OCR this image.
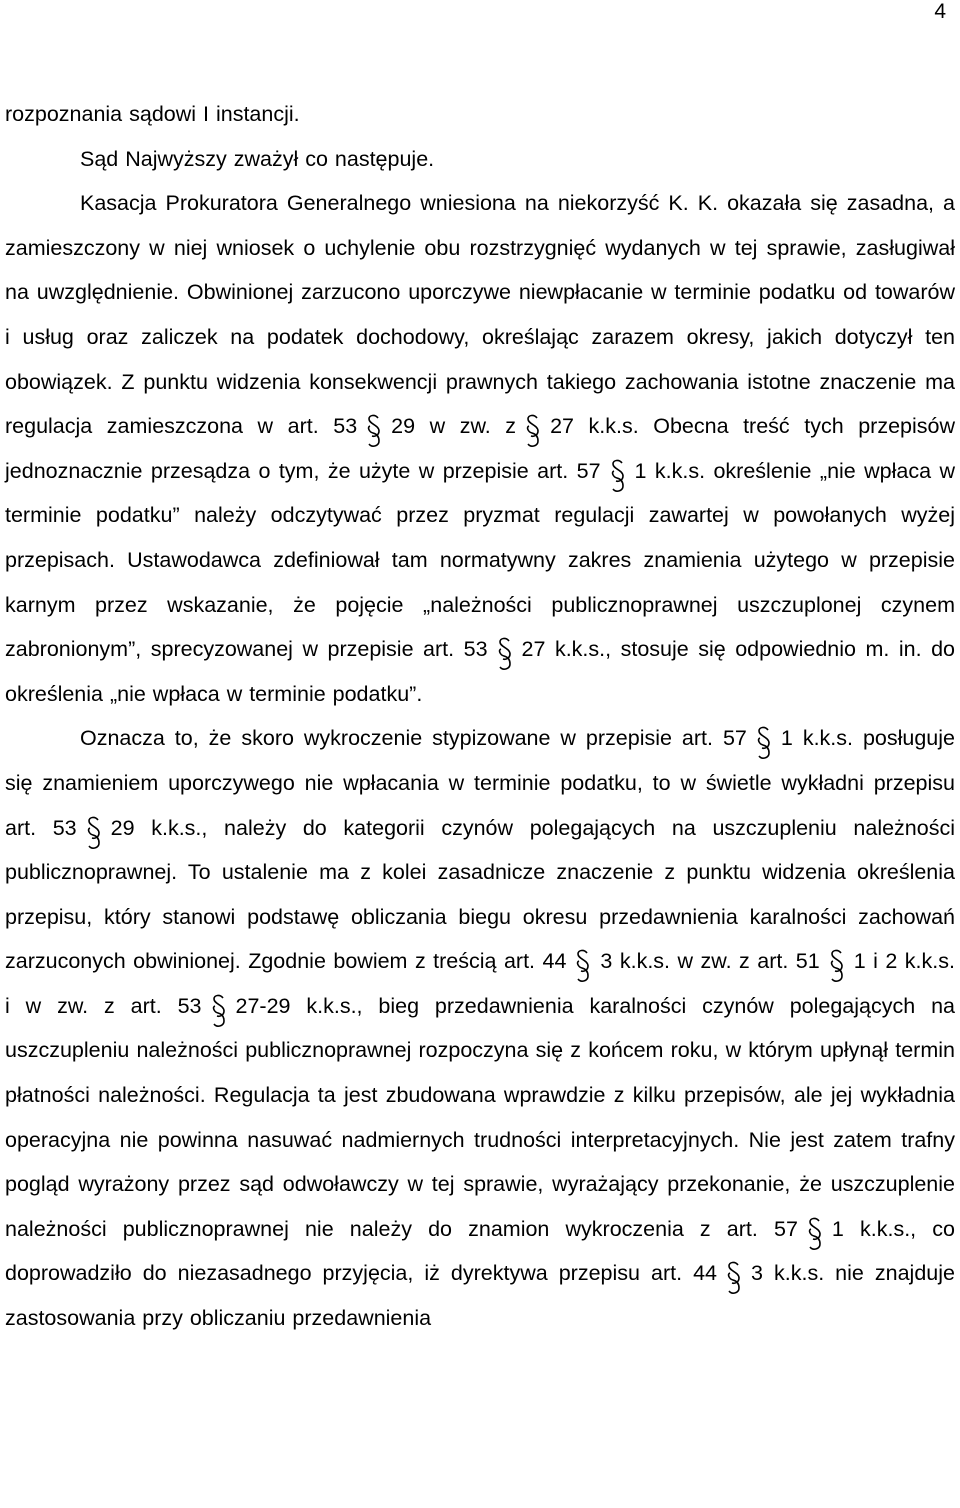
4

rozpoznania sądowi I instancji.

Sąd Najwyższy zważył co następuje.

Kasacja Prokuratora Generalnego wniesiona na niekorzyść K. K. okazała się zasadna, a zamieszczony w niej wniosek o uchylenie obu rozstrzygnięć wydanych w tej sprawie, zasługiwał na uwzględnienie. Obwinionej zarzucono uporczywe niewpłacanie w terminie podatku od towarów i usług oraz zaliczek na podatek dochodowy, określając zarazem okresy, jakich dotyczył ten obowiązek. Z punktu widzenia konsekwencji prawnych takiego zachowania istotne znaczenie ma regulacja zamieszczona w art. 53 29 w zw. z 27 k.k.s. Obecna treść tych przepisów jednoznacznie przesądza o tym, że użyte w przepisie art. 57 1 k.k.s. określenie „nie wpłaca w terminie podatku” należy odczytywać przez pryzmat regulacji zawartej w powołanych wyżej przepisach. Ustawodawca zdefiniował tam normatywny zakres znamienia użytego w przepisie karnym przez wskazanie, że pojęcie „należności publicznoprawnej uszczuplonej czynem zabronionym”, sprecyzowanej w przepisie art. 53 27 k.k.s., stosuje się odpowiednio m. in. do określenia „nie wpłaca w terminie podatku”.

Oznacza to, że skoro wykroczenie stypizowane w przepisie art. 57 1 k.k.s. posługuje się znamieniem uporczywego nie wpłacania w terminie podatku, to w świetle wykładni przepisu art. 53 29 k.k.s., należy do kategorii czynów polegających na uszczupleniu należności publicznoprawnej. To ustalenie ma z kolei zasadnicze znaczenie z punktu widzenia określenia przepisu, który stanowi podstawę obliczania biegu okresu przedawnienia karalności zachowań zarzuconych obwinionej. Zgodnie bowiem z treścią art. 44 3 k.k.s. w zw. z art. 51 1 i 2 k.k.s. i w zw. z art. 53 27-29 k.k.s., bieg przedawnienia karalności czynów polegających na uszczupleniu należności publicznoprawnej rozpoczyna się z końcem roku, w którym upłynął termin płatności należności. Regulacja ta jest zbudowana wprawdzie z kilku przepisów, ale jej wykładnia operacyjna nie powinna nasuwać nadmiernych trudności interpretacyjnych. Nie jest zatem trafny pogląd wyrażony przez sąd odwoławczy w tej sprawie, wyrażający przekonanie, że uszczuplenie należności publicznoprawnej nie należy do znamion wykroczenia z art. 57 1 k.k.s., co doprowadziło do niezasadnego przyjęcia, iż dyrektywa przepisu art. 44 3 k.k.s. nie znajduje zastosowania przy obliczaniu przedawnienia
